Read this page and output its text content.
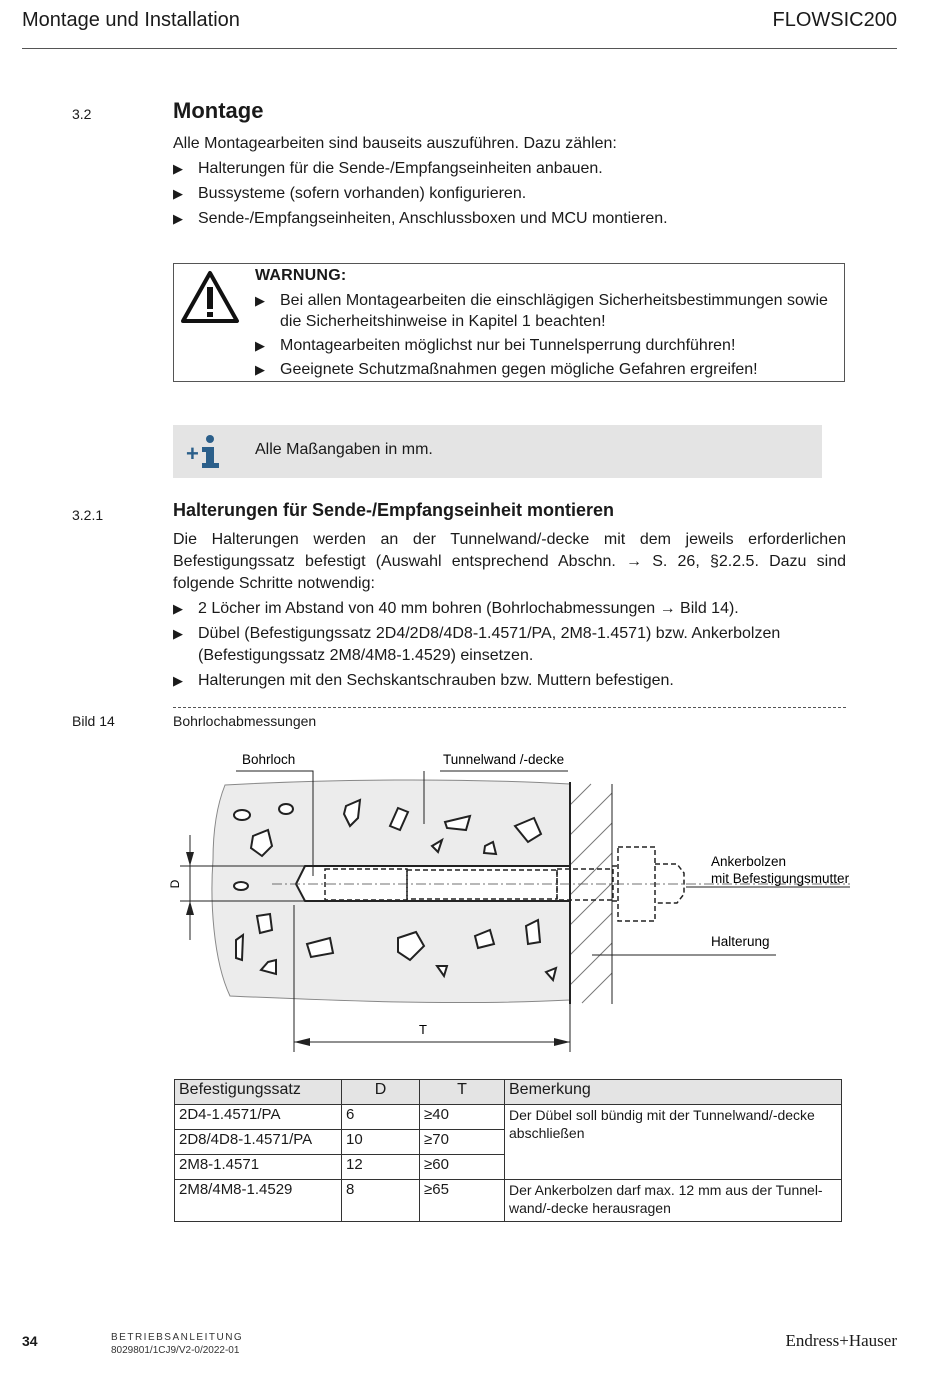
Montage und Installation	FLOWSIC200
3.2	Montage
Alle Montagearbeiten sind bauseits auszuführen. Dazu zählen:
▶ Halterungen für die Sende-/Empfangseinheiten anbauen.
▶ Bussysteme (sofern vorhanden) konfigurieren.
▶ Sende-/Empfangseinheiten, Anschlussboxen und MCU montieren.
WARNUNG:
▶ Bei allen Montagearbeiten die einschlägigen Sicherheitsbestimmungen sowie die Sicherheitshinweise in Kapitel 1 beachten!
▶ Montagearbeiten möglichst nur bei Tunnelsperrung durchführen!
▶ Geeignete Schutzmaßnahmen gegen mögliche Gefahren ergreifen!
+	Alle Maßangaben in mm.
3.2.1	Halterungen für Sende-/Empfangseinheit montieren
Die Halterungen werden an der Tunnelwand/-decke mit dem jeweils erforderlichen Befestigungssatz befestigt (Auswahl entsprechend Abschn. → S. 26, §2.2.5. Dazu sind folgende Schritte notwendig:
▶ 2 Löcher im Abstand von 40 mm bohren (Bohrlochabmessungen → Bild 14).
▶ Dübel (Befestigungssatz 2D4/2D8/4D8-1.4571/PA, 2M8-1.4571) bzw. Ankerbolzen (Befestigungssatz 2M8/4M8-1.4529) einsetzen.
▶ Halterungen mit den Sechskantschrauben bzw. Muttern befestigen.
Bild 14	Bohrlochabmessungen
D
T
Bohrloch	Tunnelwand /-decke
Ankerbolzen
mit Befestigungsmutter
Halterung
Befestigungssatz	D	T	Bemerkung
2D4-1.4571/PA	6	≥40	Der Dübel soll bündig mit der Tunnelwand/-decke abschließen
2D8/4D8-1.4571/PA	10	≥70	
2M8-1.4571	12	≥60	
2M8/4M8-1.4529	8	≥65	Der Ankerbolzen darf max. 12 mm aus der Tunnel-wand/-decke herausragen
34	BETRIEBSANLEITUNG
8029801/1CJ9/V2-0/2022-01
Endress+Hauser
